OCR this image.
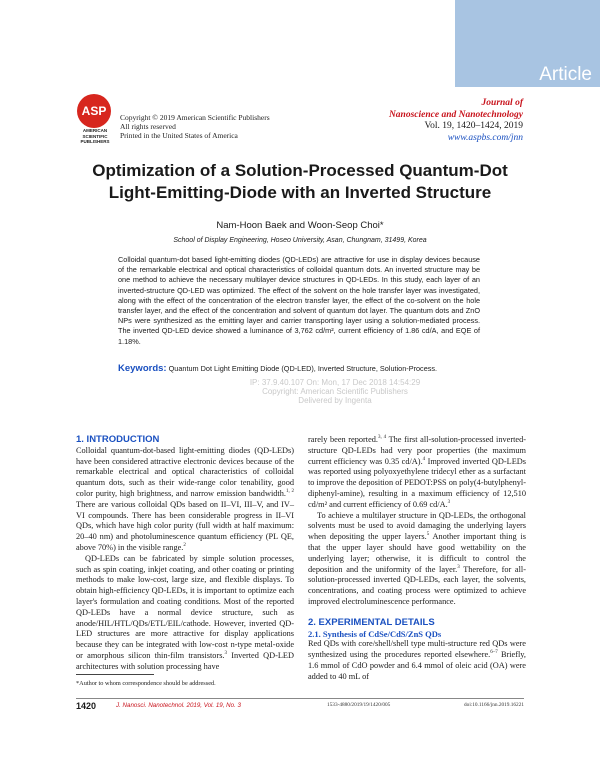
Article
ASP
AMERICAN SCIENTIFIC PUBLISHERS
Copyright © 2019 American Scientific Publishers
All rights reserved
Printed in the United States of America
Journal of
Nanoscience and Nanotechnology
Vol. 19, 1420–1424, 2019
www.aspbs.com/jnn
Optimization of a Solution-Processed Quantum-Dot
Light-Emitting-Diode with an Inverted Structure
Nam-Hoon Baek and Woon-Seop Choi*
School of Display Engineering, Hoseo University, Asan, Chungnam, 31499, Korea
Colloidal quantum-dot based light-emitting diodes (QD-LEDs) are attractive for use in display devices because of the remarkable electrical and optical characteristics of colloidal quantum dots. An inverted structure may be one method to achieve the necessary multilayer device structures in QD-LEDs. In this study, each layer of an inverted-structure QD-LED was optimized. The effect of the solvent on the hole transfer layer was investigated, along with the effect of the concentration of the electron transfer layer, the effect of the co-solvent on the hole transfer layer, and the effect of the concentration and solvent of quantum dot layer. The quantum dots and ZnO NPs were synthesized as the emitting layer and carrier transporting layer using a solution-mediated process. The inverted QD-LED device showed a luminance of 3,762 cd/m², current efficiency of 1.86 cd/A, and EQE of 1.18%.
Keywords: Quantum Dot Light Emitting Diode (QD-LED), Inverted Structure, Solution-Process.
IP: 37.9.40.107 On: Mon, 17 Dec 2018 14:54:29
Copyright: American Scientific Publishers
Delivered by Ingenta

1. INTRODUCTION

Colloidal quantum-dot-based light-emitting diodes (QD-LEDs) have been considered attractive electronic devices because of the remarkable electrical and optical characteristics of colloidal quantum dots, such as their wide-range color tenability, good color purity, high brightness, and narrow emission bandwidth.$^{1, 2}$ There are various colloidal QDs based on II–VI, III–V, and IV–VI compounds. There has been considerable progress in II–VI QDs, which have high color purity (full width at half maximum: 20–40 nm) and photoluminescence quantum efficiency (PL QE, above 70%) in the visible range.$^2$

QD-LEDs can be fabricated by simple solution processes, such as spin coating, inkjet coating, and other coating or printing methods to make low-cost, large size, and flexible displays. To obtain high-efficiency QD-LEDs, it is important to optimize each layer's formulation and coating conditions. Most of the reported QD-LEDs have a normal device structure, such as anode/HIL/HTL/QDs/ETL/EIL/cathode. However, inverted QD-LED structures are more attractive for display applications because they can be integrated with low-cost n-type metal-oxide or amorphous silicon thin-film transistors.$^3$ Inverted QD-LED architectures with solution processing have

rarely been reported.$^{3, 4}$ The first all-solution-processed inverted-structure QD-LEDs had very poor properties (the maximum current efficiency was 0.35 cd/A).$^4$ Improved inverted QD-LEDs was reported using polyoxyethylene tridecyl ether as a surfactant to improve the deposition of PEDOT:PSS on poly(4-butylphenyl-diphenyl-amine), resulting in a maximum efficiency of 12,510 cd/m² and current efficiency of 0.69 cd/A.$^3$

To achieve a multilayer structure in QD-LEDs, the orthogonal solvents must be used to avoid damaging the underlying layers when depositing the upper layers.$^5$ Another important thing is that the upper layer should have good wettability on the underlying layer; otherwise, it is difficult to control the deposition and the uniformity of the layer.$^3$ Therefore, for all-solution-processed inverted QD-LEDs, each layer, the solvents, concentrations, and coating process were optimized to achieve improved electroluminescence performance.

2. EXPERIMENTAL DETAILS

2.1. Synthesis of CdSe/CdS/ZnS QDs

Red QDs with core/shell/shell type multi-structure red QDs were synthesized using the procedures reported elsewhere.$^{6-7}$ Briefly, 1.6 mmol of CdO powder and 6.4 mmol of oleic acid (OA) were added to 40 mL of

*Author to whom correspondence should be addressed.
1420	J. Nanosci. Nanotechnol. 2019, Vol. 19, No. 3	1533-4880/2019/19/1420/005	doi:10.1166/jnn.2019.16221
